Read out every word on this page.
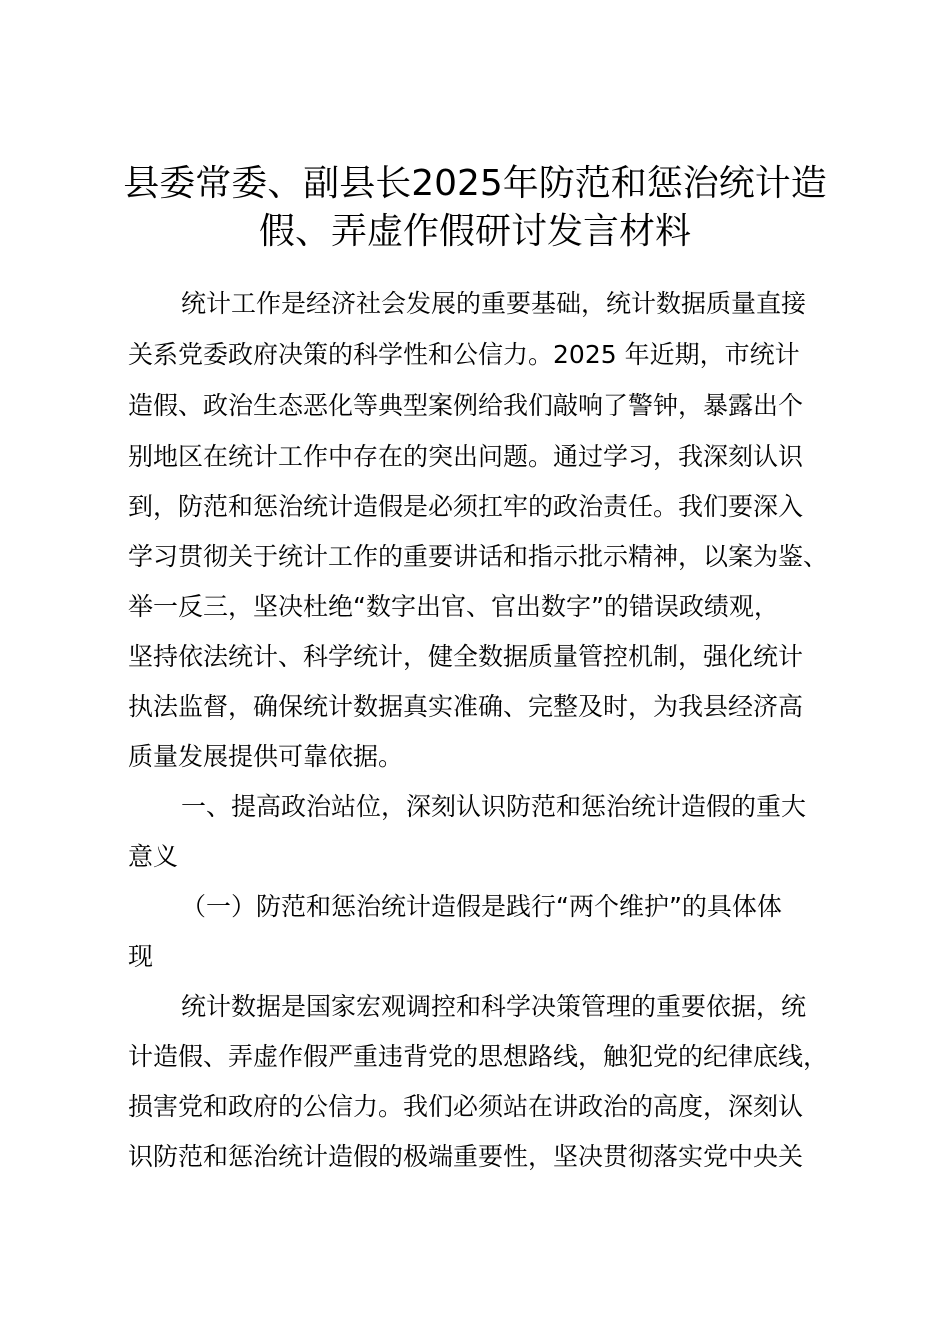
县委常委、副县长2025年防范和惩治统计造
假、弄虚作假研讨发言材料
统计工作是经济社会发展的重要基础，统计数据质量直接
关系党委政府决策的科学性和公信力。2025 年近期，市统计
造假、政治生态恶化等典型案例给我们敲响了警钟，暴露出个
别地区在统计工作中存在的突出问题。通过学习，我深刻认识
到，防范和惩治统计造假是必须扛牢的政治责任。我们要深入
学习贯彻关于统计工作的重要讲话和指示批示精神，以案为鉴、
举一反三，坚决杜绝“数字出官、官出数字”的错误政绩观，
坚持依法统计、科学统计，健全数据质量管控机制，强化统计
执法监督，确保统计数据真实准确、完整及时，为我县经济高
质量发展提供可靠依据。
一、提高政治站位，深刻认识防范和惩治统计造假的重大
意义
（一）防范和惩治统计造假是践行“两个维护”的具体体
现
统计数据是国家宏观调控和科学决策管理的重要依据，统
计造假、弄虚作假严重违背党的思想路线，触犯党的纪律底线，
损害党和政府的公信力。我们必须站在讲政治的高度，深刻认
识防范和惩治统计造假的极端重要性，坚决贯彻落实党中央关
